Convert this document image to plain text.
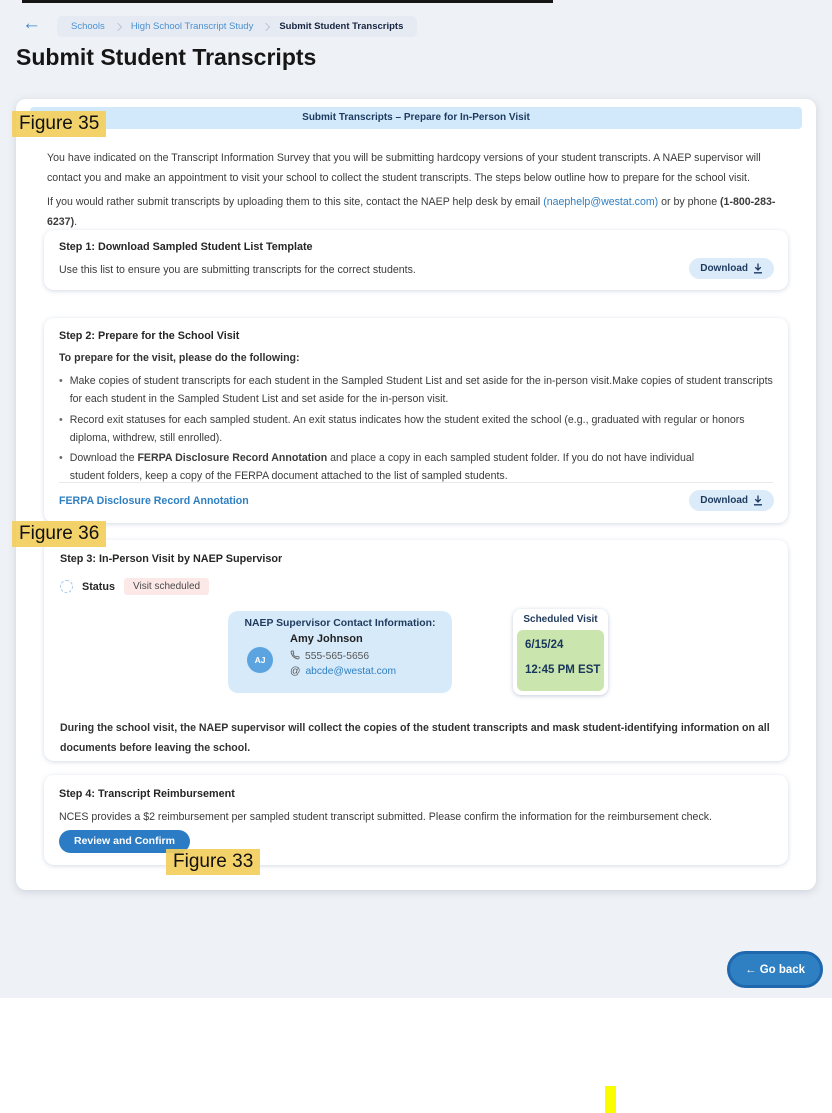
←	Schools	High School Transcript Study	Submit Student Transcripts
Submit Student Transcripts
Submit Transcripts – Prepare for In-Person Visit
You have indicated on the Transcript Information Survey that you will be submitting hardcopy versions of your student transcripts. A NAEP supervisor will contact you and make an appointment to visit your school to collect the student transcripts. The steps below outline how to prepare for the school visit.
If you would rather submit transcripts by uploading them to this site, contact the NAEP help desk by email (naephelp@westat.com) or by phone (1-800-283-6237).
Step 1: Download Sampled Student List Template
Use this list to ensure you are submitting transcripts for the correct students.	Download
Step 2: Prepare for the School Visit
To prepare for the visit, please do the following:
• Make copies of student transcripts for each student in the Sampled Student List and set aside for the in-person visit.Make copies of student transcripts for each student in the Sampled Student List and set aside for the in-person visit.
• Record exit statuses for each sampled student. An exit status indicates how the student exited the school (e.g., graduated with regular or honors diploma, withdrew, still enrolled).
• Download the FERPA Disclosure Record Annotation and place a copy in each sampled student folder. If you do not have individual student folders, keep a copy of the FERPA document attached to the list of sampled students.
FERPA Disclosure Record Annotation	Download
Step 3: In-Person Visit by NAEP Supervisor
Status	Visit scheduled
NAEP Supervisor Contact Information:
AJ
Amy Johnson
555-565-5656
@ abcde@westat.com
Scheduled Visit
6/15/24
12:45 PM EST
During the school visit, the NAEP supervisor will collect the copies of the student transcripts and mask student-identifying information on all documents before leaving the school.
Step 4: Transcript Reimbursement
NCES provides a $2 reimbursement per sampled student transcript submitted. Please confirm the information for the reimbursement check.
Review and Confirm
Figure 35
Figure 36
Figure 33
← Go back
